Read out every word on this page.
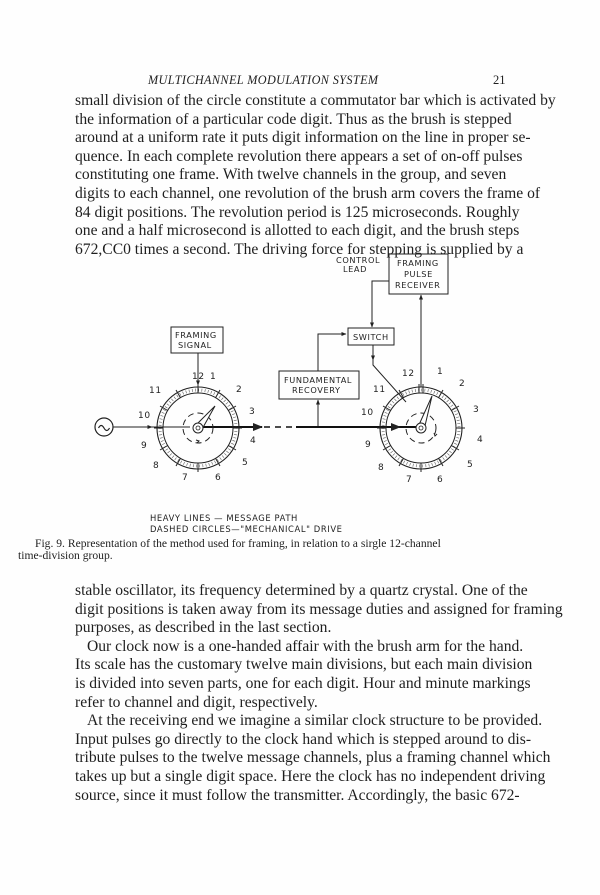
MULTICHANNEL MODULATION SYSTEM	21
small division of the circle constitute a commutator bar which is activated by
the information of a particular code digit. Thus as the brush is stepped
around at a uniform rate it puts digit information on the line in proper se-
quence. In each complete revolution there appears a set of on-off pulses
constituting one frame. With twelve channels in the group, and seven
digits to each channel, one revolution of the brush arm covers the frame of
84 digit positions. The revolution period is 125 microseconds. Roughly
one and a half microsecond is allotted to each digit, and the brush steps
672,CC0 times a second. The driving force for stepping is supplied by a
12 1
2
3
4
5
6
7
8
9
10
11
12 1
2
3
4
5
6
7
8
9
10
11
CONTROL
LEAD
FRAMING
PULSE
RECEIVER
SWITCH
FUNDAMENTAL
RECOVERY
FRAMING
SIGNAL
HEAVY LINES — MESSAGE PATH
DASHED CIRCLES—"MECHANICAL" DRIVE
Fig. 9. Representation of the method used for framing, in relation to a sirgle 12-channel
time-division group.
stable oscillator, its frequency determined by a quartz crystal. One of the
digit positions is taken away from its message duties and assigned for framing
purposes, as described in the last section.
Our clock now is a one-handed affair with the brush arm for the hand.
Its scale has the customary twelve main divisions, but each main division
is divided into seven parts, one for each digit. Hour and minute markings
refer to channel and digit, respectively.
At the receiving end we imagine a similar clock structure to be provided.
Input pulses go directly to the clock hand which is stepped around to dis-
tribute pulses to the twelve message channels, plus a framing channel which
takes up but a single digit space. Here the clock has no independent driving
source, since it must follow the transmitter. Accordingly, the basic 672-
